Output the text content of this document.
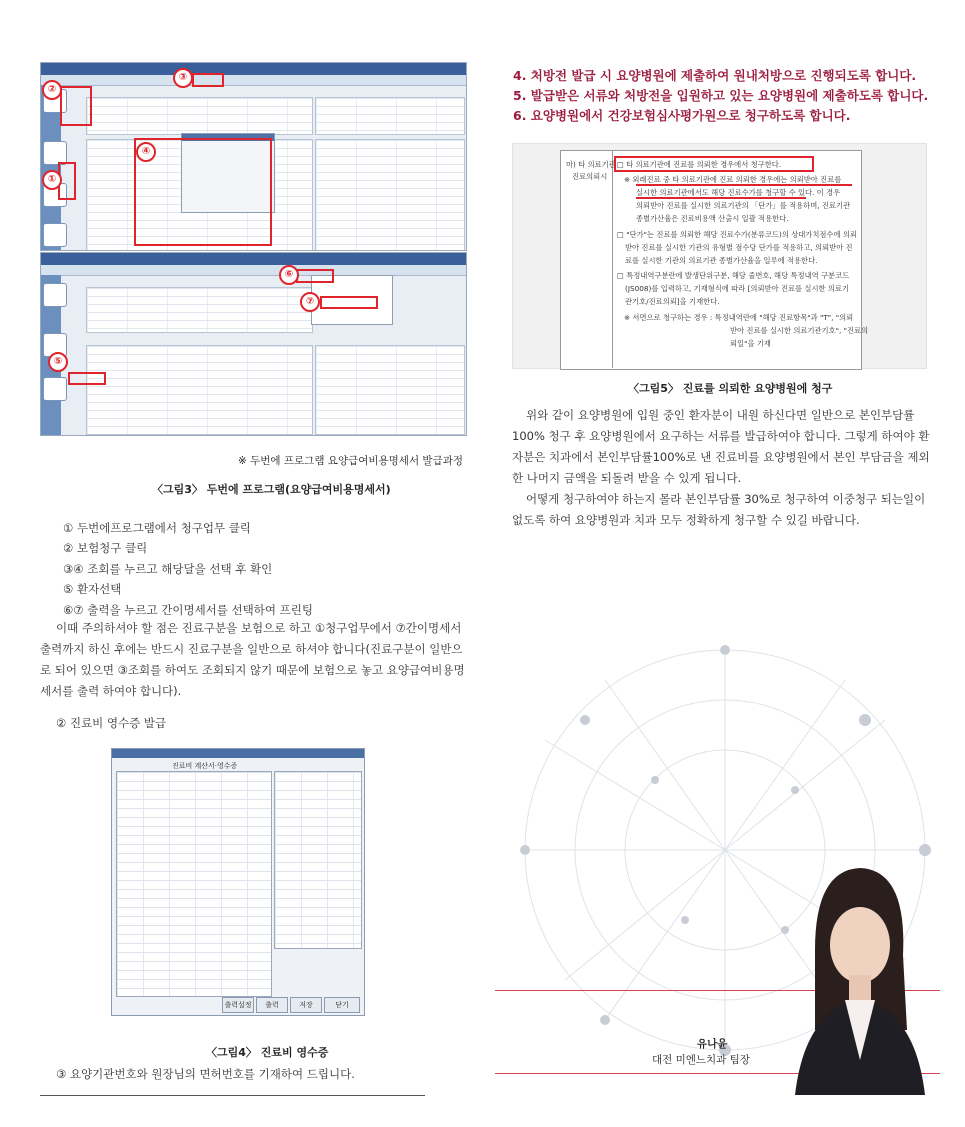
②
③
④
①
⑥
⑦
⑤
※ 두번에 프로그램 요양급여비용명세서 발급과정
〈그림3〉 두번에 프로그램(요양급여비용명세서)
① 두번에프로그램에서 청구업무 클릭
② 보험청구 클릭
③④ 조회를 누르고 해당달을 선택 후 확인
⑤ 환자선택
⑥⑦ 출력을 누르고 간이명세서를 선택하여 프린팅
이때 주의하셔야 할 점은 진료구분을 보험으로 하고 ①청구업무에서 ⑦간이명세서 출력까지 하신 후에는 반드시 진료구분을 일반으로 하셔야 합니다(진료구분이 일반으로 되어 있으면 ③조회를 하여도 조회되지 않기 때문에 보험으로 놓고 요양급여비용명세서를 출력 하여야 합니다).
② 진료비 영수증 발급
진료비 계산서·영수증
출력설정	출력	저장	닫기
〈그림4〉 진료비 영수증
③ 요양기관번호와 원장님의 면허번호를 기재하여 드립니다.
4. 처방전 발급 시 요양병원에 제출하여 원내처방으로 진행되도록 합니다.
5. 발급받은 서류와 처방전을 입원하고 있는 요양병원에 제출하도록 합니다.
6. 요양병원에서 건강보험심사평가원으로 청구하도록 합니다.
마) 타 의료기관
진료의뢰시
□ 타 의료기관에 진료를 의뢰한 경우에서 청구한다.
※ 외래진료 중 타 의료기관에 진료 의뢰한 경우에는 의뢰받아 진료를
실시한 의료기관에서도 해당 진료수가를 청구할 수 있다. 이 경우
의뢰받아 진료를 실시한 의료기관의 「단가」를 적용하며, 진료기관
종별가산율은 진료비용액 산출시 일괄 적용한다.
□ "단가"는 진료를 의뢰한 해당 진료수가(분류코드)의 상대가치점수에 의뢰
받아 진료를 실시한 기관의 유형별 점수당 단가를 적용하고, 의뢰받아 진
료를 실시한 기관의 의료기관 종별가산율을 일루에 적용한다.
□ 특정내역구분란에 발생단위구분, 해당 줄번호, 해당 특정내역 구분코드
(JS008)를 입력하고, 기재형식에 따라 [의뢰받아 진료를 실시한 의료기
관기호/진료의뢰]을 기재한다.
※ 서면으로 청구하는 경우 : 특정내역란에 "해당 진료항목"과 "T", "의뢰
받아 진료를 실시한 의료기관기호", "진료의
뢰일"을 기재
〈그림5〉 진료를 의뢰한 요양병원에 청구
위와 같이 요양병원에 입원 중인 환자분이 내원 하신다면 일반으로 본인부담률 100% 청구 후 요양병원에서 요구하는 서류를 발급하여야 합니다. 그렇게 하여야 환자분은 치과에서 본인부담률100%로 낸 진료비를 요양병원에서 본인 부담금을 제외한 나머지 금액을 되돌려 받을 수 있게 됩니다.
어떻게 청구하여야 하는지 몰라 본인부담률 30%로 청구하여 이중청구 되는일이 없도록 하여 요양병원과 치과 모두 정확하게 청구할 수 있길 바랍니다.
유나윤
대전 미엔느치과 팀장
